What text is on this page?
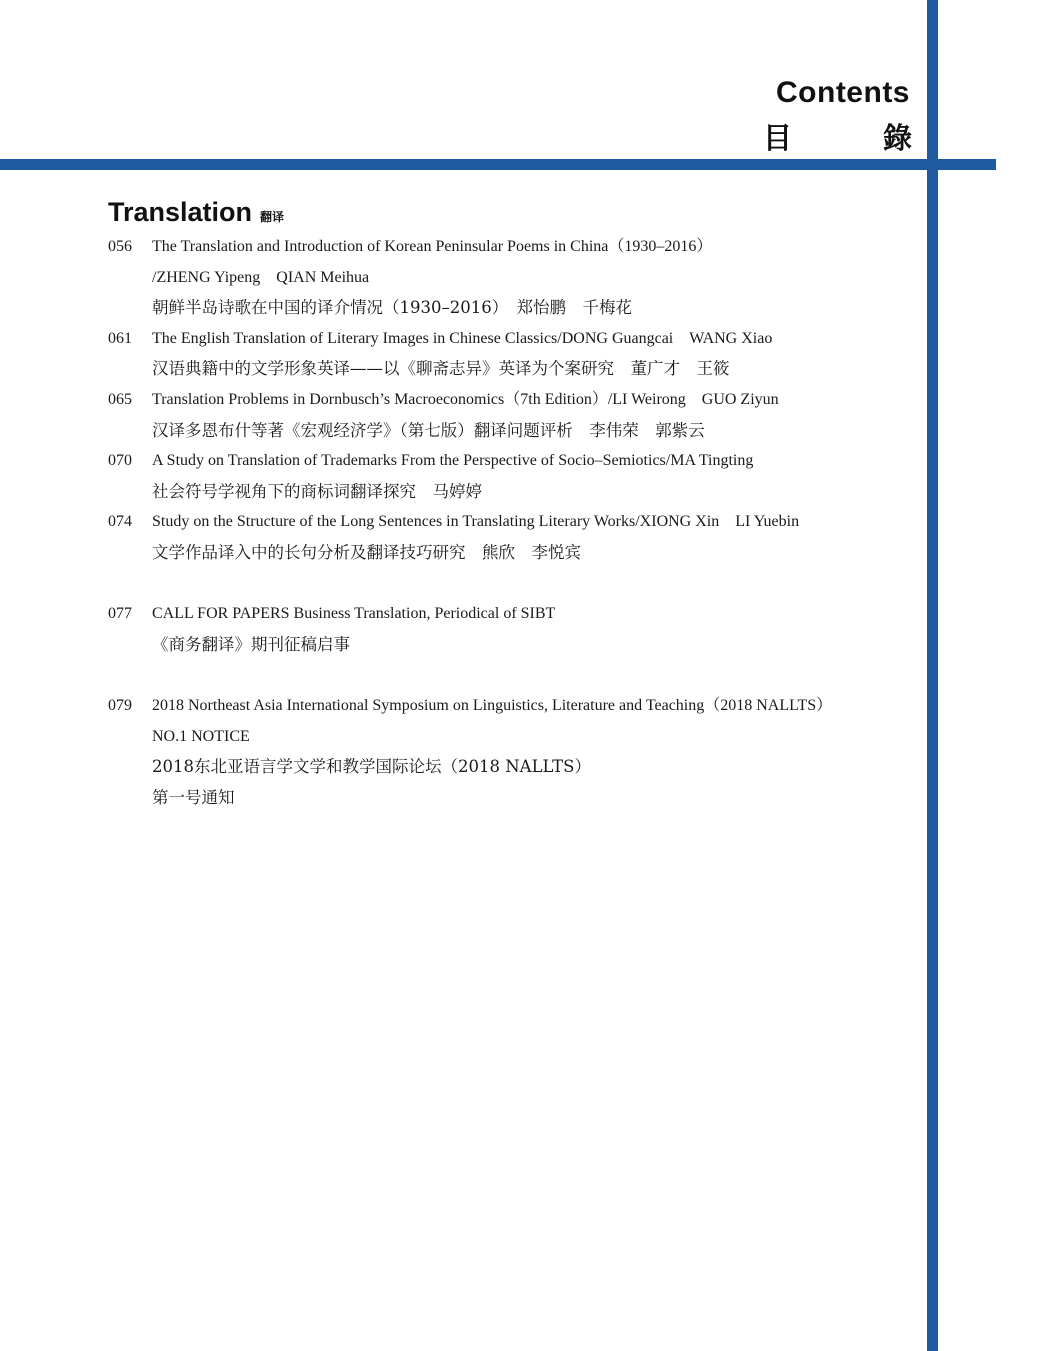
Contents
目	錄
Translation 翻译
056 The Translation and Introduction of Korean Peninsular Poems in China（1930–2016）
/ZHENG Yipeng　QIAN Meihua
朝鲜半岛诗歌在中国的译介情况（1930–2016）　郑怡鹏　千梅花
061 The English Translation of Literary Images in Chinese Classics/DONG Guangcai　WANG Xiao
汉语典籍中的文学形象英译——以《聊斋志异》英译为个案研究　董广才　王筱
065 Translation Problems in Dornbusch’s Macroeconomics（7th Edition）/LI Weirong　GUO Ziyun
汉译多恩布什等著《宏观经济学》（第七版）翻译问题评析　李伟荣　郭紫云
070 A Study on Translation of Trademarks From the Perspective of Socio–Semiotics/MA Tingting
社会符号学视角下的商标词翻译探究　马婷婷
074 Study on the Structure of the Long Sentences in Translating Literary Works/XIONG Xin　LI Yuebin
文学作品译入中的长句分析及翻译技巧研究　熊欣　李悦宾
077 CALL FOR PAPERS Business Translation, Periodical of SIBT
《商务翻译》期刊征稿启事
079 2018 Northeast Asia International Symposium on Linguistics, Literature and Teaching（2018 NALLTS）
NO.1 NOTICE
2018东北亚语言学文学和教学国际论坛（2018 NALLTS）
第一号通知
